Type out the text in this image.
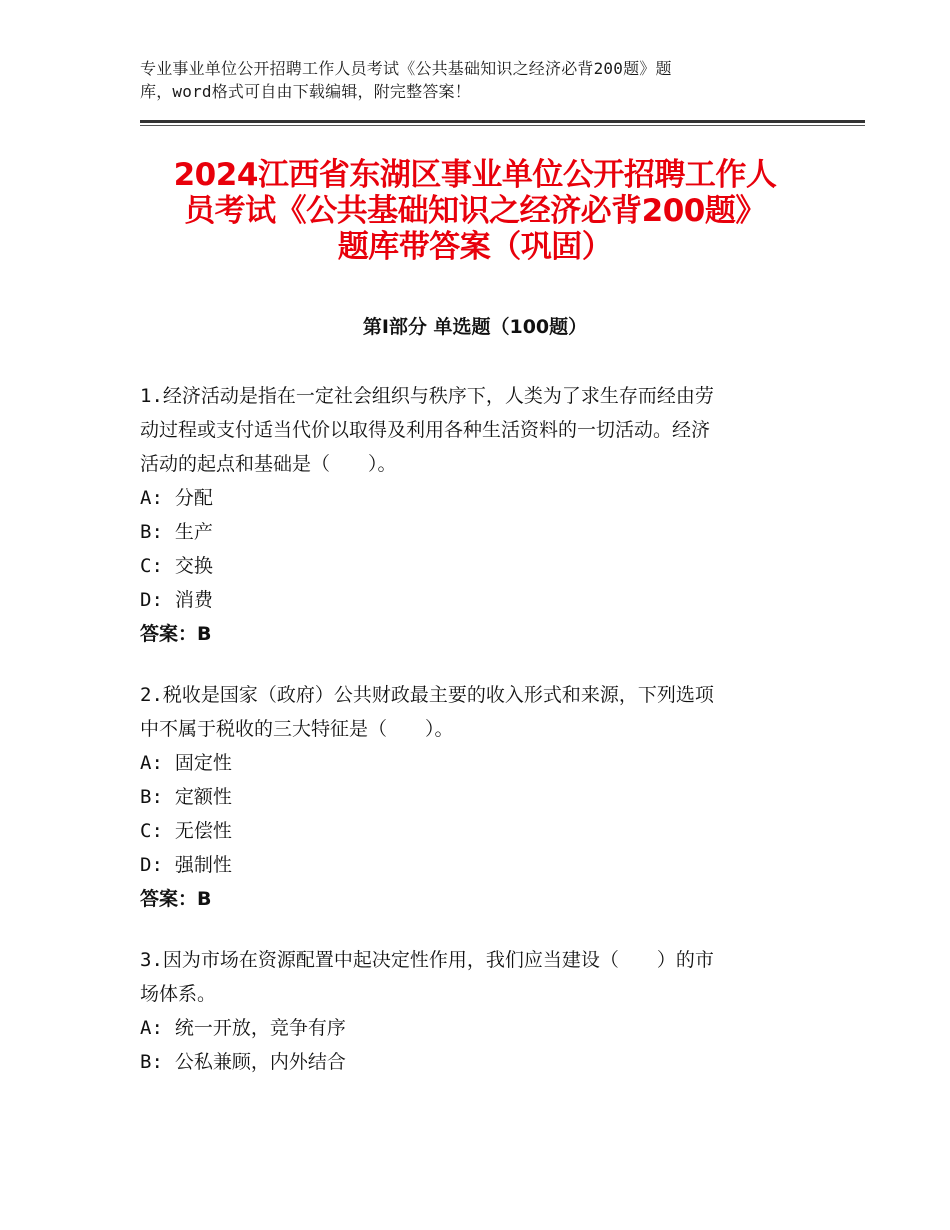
专业事业单位公开招聘工作人员考试《公共基础知识之经济必背200题》题
库，word格式可自由下载编辑，附完整答案！
2024江西省东湖区事业单位公开招聘工作人
员考试《公共基础知识之经济必背200题》
题库带答案（巩固）
第Ⅰ部分 单选题（100题）
1.经济活动是指在一定社会组织与秩序下，人类为了求生存而经由劳
动过程或支付适当代价以取得及利用各种生活资料的一切活动。经济
活动的起点和基础是（　　）。
A: 分配
B: 生产
C: 交换
D: 消费
答案：B
2.税收是国家（政府）公共财政最主要的收入形式和来源，下列选项
中不属于税收的三大特征是（　　）。
A: 固定性
B: 定额性
C: 无偿性
D: 强制性
答案：B
3.因为市场在资源配置中起决定性作用，我们应当建设（　　）的市
场体系。
A: 统一开放，竞争有序
B: 公私兼顾，内外结合
